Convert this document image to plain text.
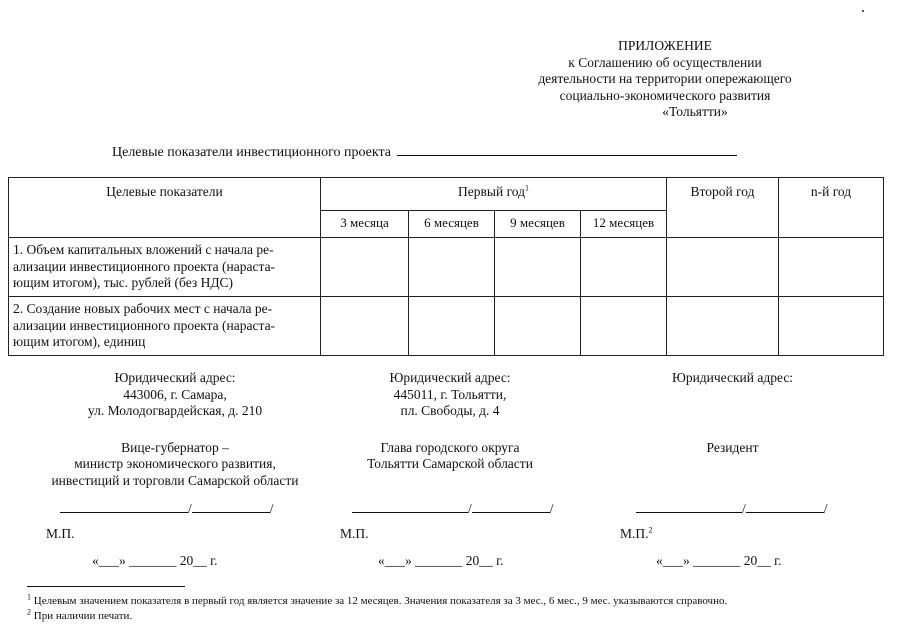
ПРИЛОЖЕНИЕ
к Соглашению об осуществлении
деятельности на территории опережающего
социально-экономического развития
«Тольятти»
Целевые показатели инвестиционного проекта
Целевые показатели	Первый год$^1$				Второй год	n-й год
	3 месяца	6 месяцев	9 месяцев	12 месяцев		

1. Объем капитальных вложений с начала ре-
ализации инвестиционного проекта (нараста-
ющим итогом), тыс. рублей (без НДС)						

2. Создание новых рабочих мест с начала ре-
ализации инвестиционного проекта (нараста-
ющим итогом), единиц						

Юридический адрес:
443006, г. Самара,
ул. Молодогвардейская, д. 210
Вице-губернатор –
министр экономического развития,
инвестиций и торговли Самарской области
Юридический адрес:
445011, г. Тольятти,
пл. Свободы, д. 4
Глава городского округа
Тольятти Самарской области
Юридический адрес:
Резидент
/	/	/	/	/	/
М.П.	М.П.	М.П.$^2$
«___» _______ 20__ г.	«___» _______ 20__ г.	«___» _______ 20__ г.
$^1$ Целевым значением показателя в первый год является значение за 12 месяцев. Значения показателя за 3 мес., 6 мес., 9 мес. указываются справочно.
$^2$ При наличии печати.
